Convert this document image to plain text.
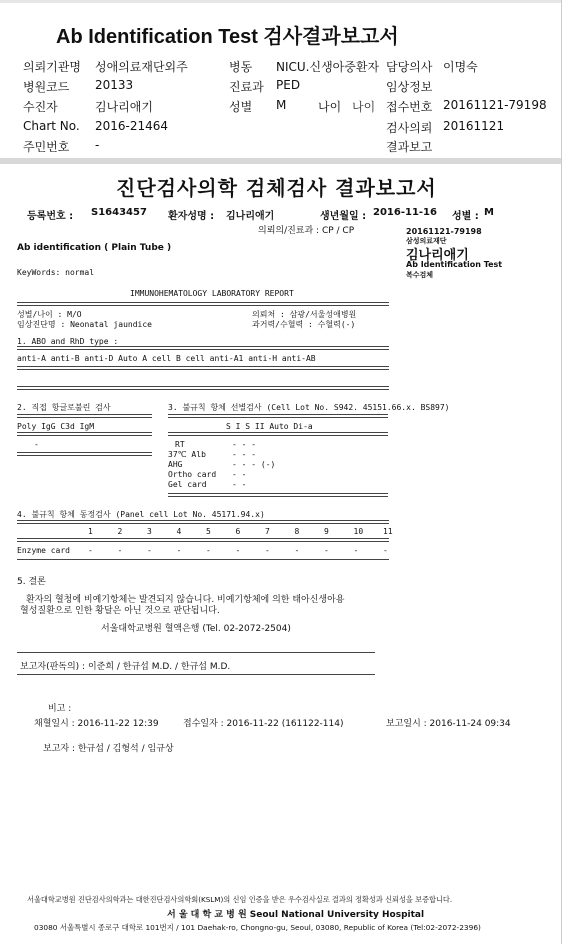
Ab Identification Test 검사결과보고서
의뢰기관명 성애의료재단외주
병원코드 20133
수진자	김나리애기
Chart No. 2016-21464
주민번호 -
병동 NICU.신생아중환자
진료과 PED
성별 M	나이 나이
담당의사 이명숙
임상정보
접수번호 20161121-79198
검사의뢰 20161121
결과보고
진단검사의학 검체검사 결과보고서
등록번호 : S1643457 환자성명 : 김나리애기	생년월일 : 2016-11-16 성별 : M
의뢰의/진료과 : CP / CP
Ab identification ( Plain Tube )
20161121-79198
삼성의료재단
김나리애기
Ab Identification Test
복수검체
KeyWords: normal
IMMUNOHEMATOLOGY LABORATORY REPORT
성별/나이 : M/O
임상진단명 : Neonatal jaundice
의뢰처 : 삼광/서울성애병원
과거력/수혈력 : 수혈력(-)
1. ABO and RhD type :
anti-A anti-B anti-D Auto A cell B cell anti-A1 anti-H anti-AB
2. 직접 항글로불린 검사
Poly IgG C3d IgM
-
3. 불규칙 항체 선별검사 (Cell Lot No. S942. 45151.66.x. BS897)
S I S II Auto Di-a
RT	- - -
37℃ Alb	- - -
AHG	- - - (-)
Ortho card - -
Gel card	- -
4. 불규칙 항체 동정검사 (Panel cell Lot No. 45171.94.x)
1	2	3	4	5	6	7	8	9	10 11
Enzyme card -	-	-	-	-	-	-	-	-	-	-
5. 결론
환자의 혈청에 비예기항체는 발견되지 않습니다. 비예기항체에 의한 태아신생아용
혈성질환으로 인한 황달은 아닌 것으로 판단됩니다.
서울대학교병원 혈액은행 (Tel. 02-2072-2504)
보고자(판독의) : 이준희 / 한규섭 M.D. / 한규섭 M.D.
비고 :
채혈일시 : 2016-11-22 12:39	접수일자 : 2016-11-22 (161122-114)	보고일시 : 2016-11-24 09:34
보고자 : 한규섭 / 김형석 / 임규상
서울대학교병원 진단검사의학과는 대한진단검사의학회(KSLM)의 신임 인증을 받은 우수검사실로 결과의 정확성과 신뢰성을 보증합니다.
서 울 대 학 교 병 원 Seoul National University Hospital
03080 서울특별시 종로구 대학로 101번지 / 101 Daehak-ro, Chongno-gu, Seoul, 03080, Republic of Korea (Tel:02-2072-2396)
